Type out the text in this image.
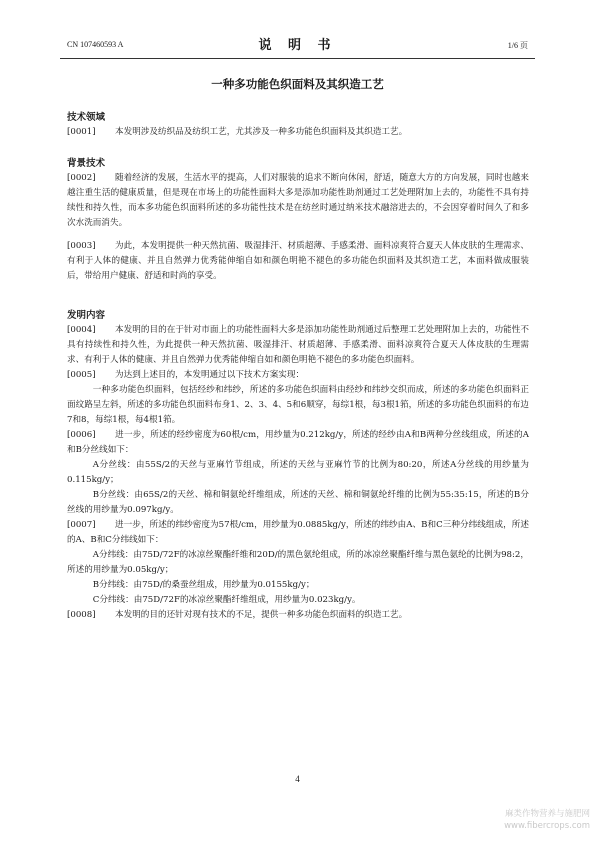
CN 107460593 A	说 明 书	1/6 页
一种多功能色织面料及其织造工艺

技术领域

[0001] 本发明涉及纺织品及纺织工艺，尤其涉及一种多功能色织面料及其织造工艺。

背景技术

[0002] 随着经济的发展，生活水平的提高，人们对服装的追求不断向休闲，舒适，随意大方的方向发展，同时也越来越注重生活的健康质量，但是现在市场上的功能性面料大多是添加功能性助剂通过工艺处理附加上去的，功能性不具有持续性和持久性，而本多功能色织面料所述的多功能性技术是在纺丝时通过纳米技术融溶进去的，不会因穿着时间久了和多次水洗而消失。

[0003] 为此，本发明提供一种天然抗菌、吸湿排汗、材质超薄、手感柔滑、面料凉爽符合夏天人体皮肤的生理需求、有利于人体的健康、并且自然弹力优秀能伸缩自如和颜色明艳不褪色的多功能色织面料及其织造工艺，本面料做成服装后，带给用户健康、舒适和时尚的享受。

发明内容

[0004] 本发明的目的在于针对市面上的功能性面料大多是添加功能性助剂通过后整理工艺处理附加上去的，功能性不具有持续性和持久性，为此提供一种天然抗菌、吸湿排汗、材质超薄、手感柔滑、面料凉爽符合夏天人体皮肤的生理需求、有利于人体的健康、并且自然弹力优秀能伸缩自如和颜色明艳不褪色的多功能色织面料。

[0005] 为达到上述目的，本发明通过以下技术方案实现：

一种多功能色织面料，包括经纱和纬纱，所述的多功能色织面料由经纱和纬纱交织而成，所述的多功能色织面料正面纹路呈左斜，所述的多功能色织面料布身1、2、3、4、5和6顺穿，每综1根，每3根1筘，所述的多功能色织面料的布边7和8，每综1根，每4根1筘。

[0006] 进一步，所述的经纱密度为60根/cm，用纱量为0.212kg/y，所述的经纱由A和B两种分丝线组成，所述的A和B分丝线如下：

A分丝线：由55S/2的天丝与亚麻竹节组成，所述的天丝与亚麻竹节的比例为80:20，所述A分丝线的用纱量为0.115kg/y；

B分丝线：由65S/2的天丝、棉和铜氨纶纤维组成，所述的天丝、棉和铜氨纶纤维的比例为55:35:15，所述的B分丝线的用纱量为0.097kg/y。

[0007] 进一步，所述的纬纱密度为57根/cm，用纱量为0.0885kg/y，所述的纬纱由A、B和C三种分纬线组成，所述的A、B和C分纬线如下：

A分纬线：由75D/72F的冰凉丝聚酯纤维和20D/的黑色氨纶组成，所的冰凉丝聚酯纤维与黑色氨纶的比例为98:2，所述的用纱量为0.05kg/y；

B分纬线：由75D/的桑蚕丝组成，用纱量为0.0155kg/y；

C分纬线：由75D/72F的冰凉丝聚酯纤维组成，用纱量为0.023kg/y。

[0008] 本发明的目的还针对现有技术的不足，提供一种多功能色织面料的织造工艺。

4
麻类作物营养与施肥网
www.fibercrops.com
